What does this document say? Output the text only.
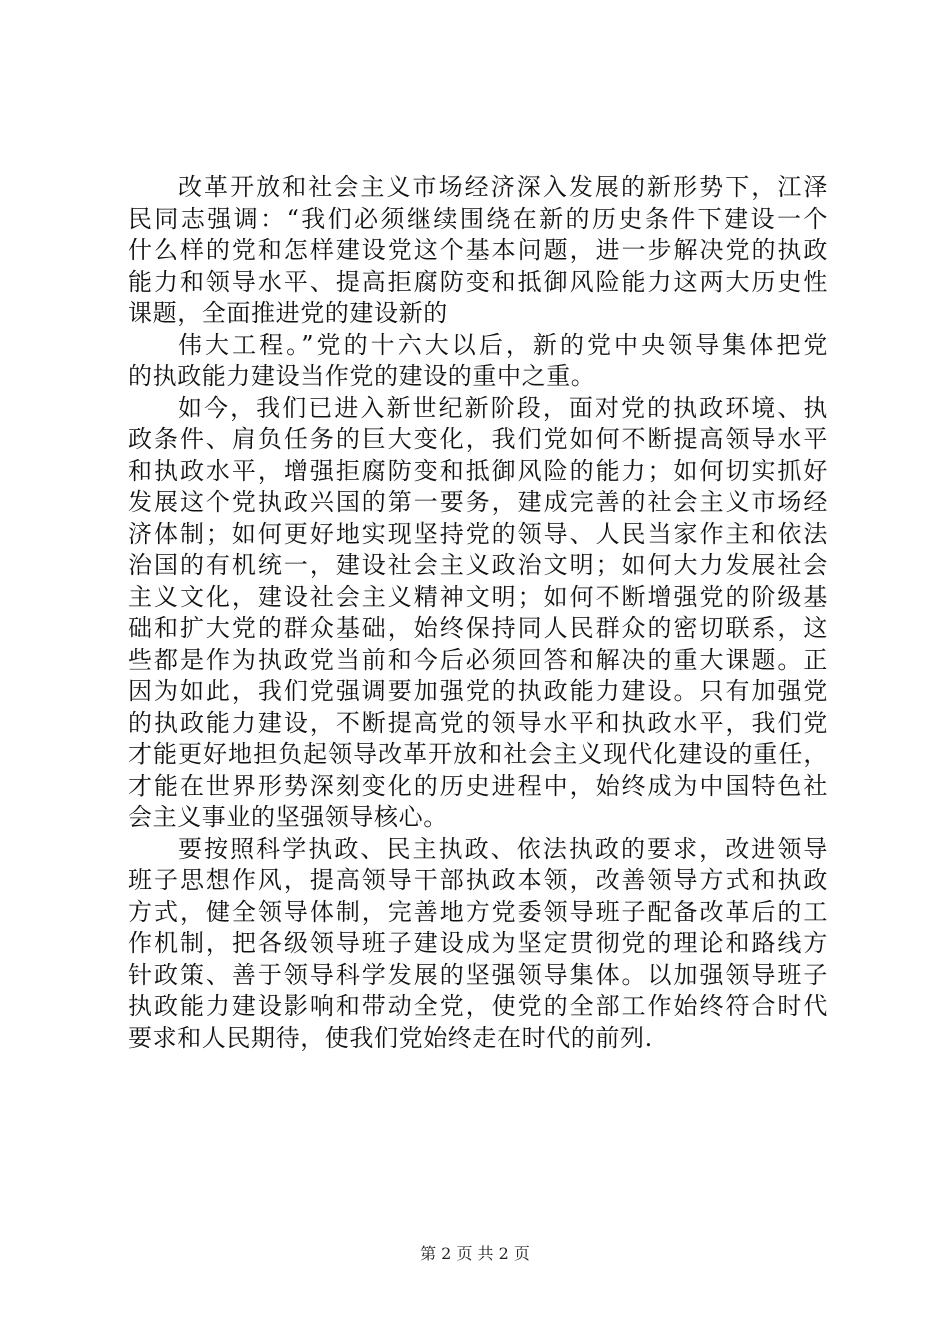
改革开放和社会主义市场经济深入发展的新形势下，江泽
民同志强调：“我们必须继续围绕在新的历史条件下建设一个
什么样的党和怎样建设党这个基本问题，进一步解决党的执政
能力和领导水平、提高拒腐防变和抵御风险能力这两大历史性
课题，全面推进党的建设新的
伟大工程。”党的十六大以后，新的党中央领导集体把党
的执政能力建设当作党的建设的重中之重。
如今，我们已进入新世纪新阶段，面对党的执政环境、执
政条件、肩负任务的巨大变化，我们党如何不断提高领导水平
和执政水平，增强拒腐防变和抵御风险的能力；如何切实抓好
发展这个党执政兴国的第一要务，建成完善的社会主义市场经
济体制；如何更好地实现坚持党的领导、人民当家作主和依法
治国的有机统一，建设社会主义政治文明；如何大力发展社会
主义文化，建设社会主义精神文明；如何不断增强党的阶级基
础和扩大党的群众基础，始终保持同人民群众的密切联系，这
些都是作为执政党当前和今后必须回答和解决的重大课题。正
因为如此，我们党强调要加强党的执政能力建设。只有加强党
的执政能力建设，不断提高党的领导水平和执政水平，我们党
才能更好地担负起领导改革开放和社会主义现代化建设的重任，
才能在世界形势深刻变化的历史进程中，始终成为中国特色社
会主义事业的坚强领导核心。
要按照科学执政、民主执政、依法执政的要求，改进领导
班子思想作风，提高领导干部执政本领，改善领导方式和执政
方式，健全领导体制，完善地方党委领导班子配备改革后的工
作机制，把各级领导班子建设成为坚定贯彻党的理论和路线方
针政策、善于领导科学发展的坚强领导集体。以加强领导班子
执政能力建设影响和带动全党，使党的全部工作始终符合时代
要求和人民期待，使我们党始终走在时代的前列.
第 2 页 共 2 页
